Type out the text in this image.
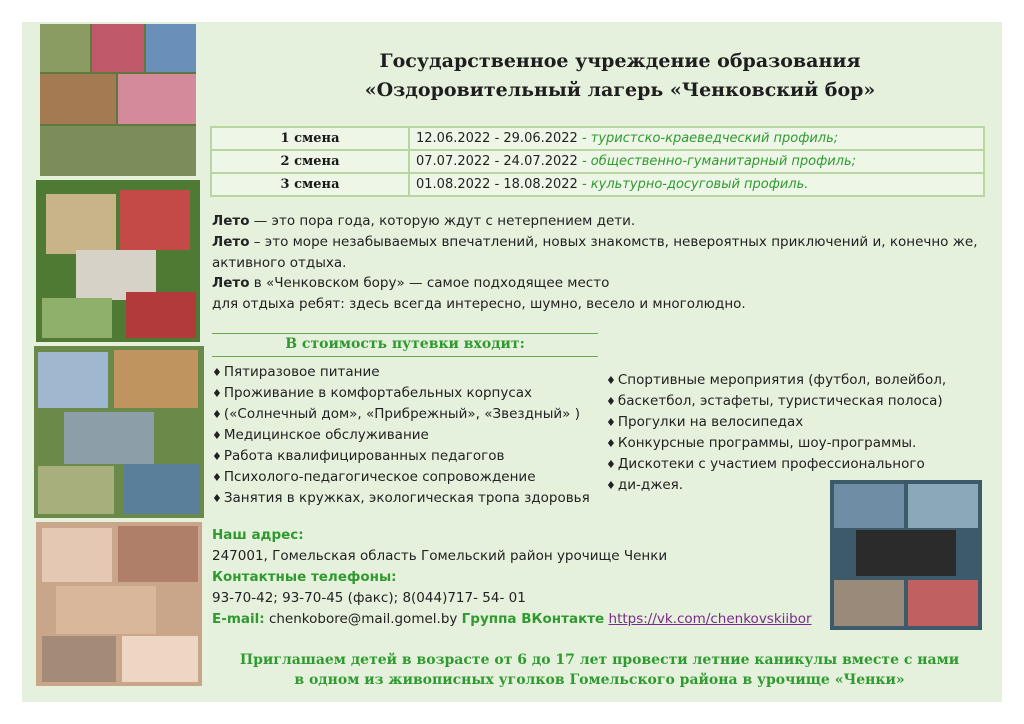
Государственное учреждение образования
«Оздоровительный лагерь «Ченковский бор»
1 смена	12.06.2022 - 29.06.2022 - туристско-краеведческий профиль;
2 смена	07.07.2022 - 24.07.2022 - общественно-гуманитарный профиль;
3 смена	01.08.2022 - 18.08.2022 - культурно-досуговый профиль.
Лето — это пора года, которую ждут с нетерпением дети.
Лето – это море незабываемых впечатлений, новых знакомств, невероятных приключений и, конечно же,
активного отдыха.
Лето в «Ченковском бору» — самое подходящее место
для отдыха ребят: здесь всегда интересно, шумно, весело и многолюдно.
В стоимость путевки входит:
♦ Пятиразовое питание
♦ Проживание в комфортабельных корпусах
♦ («Солнечный дом», «Прибрежный», «Звездный» )
♦ Медицинское обслуживание
♦ Работа квалифицированных педагогов
♦ Психолого-педагогическое сопровождение
♦ Занятия в кружках, экологическая тропа здоровья
♦ Спортивные мероприятия (футбол, волейбол,
♦ баскетбол, эстафеты, туристическая полоса)
♦ Прогулки на велосипедах
♦ Конкурсные программы, шоу-программы.
♦ Дискотеки с участием профессионального
♦ ди-джея.
Наш адрес:
247001, Гомельская область Гомельский район урочище Ченки
Контактные телефоны:
93-70-42; 93-70-45 (факс); 8(044)717- 54- 01
E-mail: chenkobore@mail.gomel.by Группа ВКонтакте https://vk.com/chenkovskiibor
Приглашаем детей в возрасте от 6 до 17 лет провести летние каникулы вместе с нами
в одном из живописных уголков Гомельского района в урочище «Ченки»
